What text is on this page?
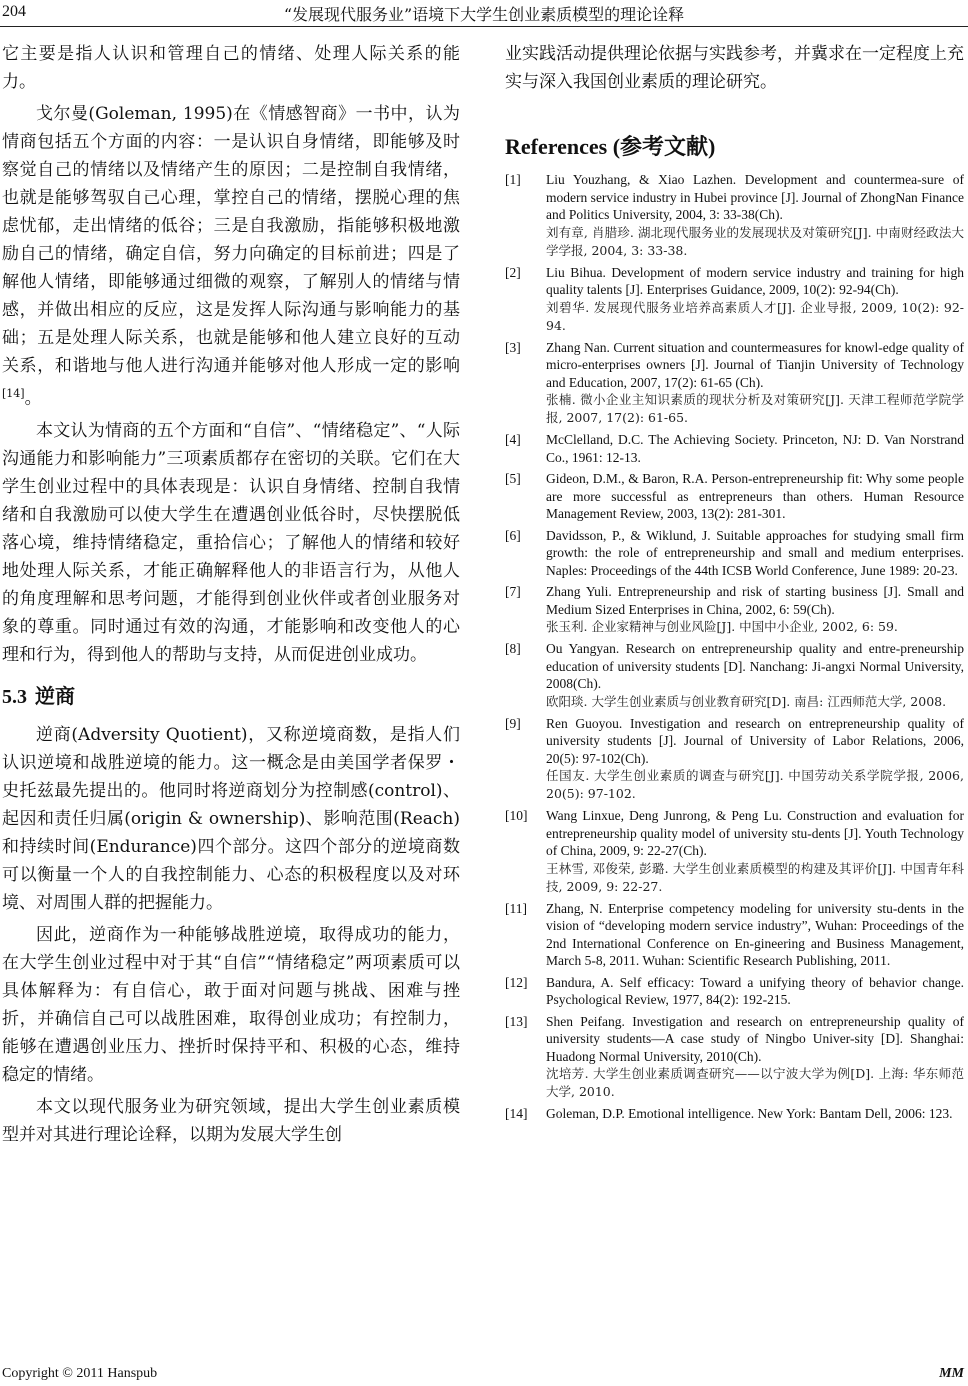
204	“发展现代服务业”语境下大学生创业素质模型的理论诠释

它主要是指人认识和管理自己的情绪、处理人际关系的能力。

戈尔曼(Goleman, 1995)在《情感智商》一书中，认为情商包括五个方面的内容：一是认识自身情绪，即能够及时察觉自己的情绪以及情绪产生的原因；二是控制自我情绪，也就是能够驾驭自己心理，掌控自己的情绪，摆脱心理的焦虑忧郁，走出情绪的低谷；三是自我激励，指能够积极地激励自己的情绪，确定自信，努力向确定的目标前进；四是了解他人情绪，即能够通过细微的观察，了解别人的情绪与情感，并做出相应的反应，这是发挥人际沟通与影响能力的基础；五是处理人际关系，也就是能够和他人建立良好的互动关系，和谐地与他人进行沟通并能够对他人形成一定的影响[14]。

本文认为情商的五个方面和“自信”、“情绪稳定”、“人际沟通能力和影响能力”三项素质都存在密切的关联。它们在大学生创业过程中的具体表现是：认识自身情绪、控制自我情绪和自我激励可以使大学生在遭遇创业低谷时，尽快摆脱低落心境，维持情绪稳定，重拾信心；了解他人的情绪和较好地处理人际关系，才能正确解释他人的非语言行为，从他人的角度理解和思考问题，才能得到创业伙伴或者创业服务对象的尊重。同时通过有效的沟通，才能影响和改变他人的心理和行为，得到他人的帮助与支持，从而促进创业成功。

5.3 逆商

逆商(Adversity Quotient)，又称逆境商数，是指人们认识逆境和战胜逆境的能力。这一概念是由美国学者保罗・史托兹最先提出的。他同时将逆商划分为控制感(control)、起因和责任归属(origin & ownership)、影响范围(Reach)和持续时间(Endurance)四个部分。这四个部分的逆境商数可以衡量一个人的自我控制能力、心态的积极程度以及对环境、对周围人群的把握能力。

因此，逆商作为一种能够战胜逆境，取得成功的能力，在大学生创业过程中对于其“自信”“情绪稳定”两项素质可以具体解释为：有自信心，敢于面对问题与挑战、困难与挫折，并确信自己可以战胜困难，取得创业成功；有控制力，能够在遭遇创业压力、挫折时保持平和、积极的心态，维持稳定的情绪。

本文以现代服务业为研究领域，提出大学生创业素质模型并对其进行理论诠释，以期为发展大学生创

业实践活动提供理论依据与实践参考，并冀求在一定程度上充实与深入我国创业素质的理论研究。

References (参考文献)
[1] Liu Youzhang, & Xiao Lazhen. Development and countermea-sure of modern service industry in Hubei province [J]. Journal of ZhongNan Finance and Politics University, 2004, 3: 33-38(Ch).

刘有章, 肖腊珍. 湖北现代服务业的发展现状及对策研究[J]. 中南财经政法大学学报, 2004, 3: 33-38.

[2] Liu Bihua. Development of modern service industry and training for high quality talents [J]. Enterprises Guidance, 2009, 10(2): 92-94(Ch).

刘碧华. 发展现代服务业培养高素质人才[J]. 企业导报, 2009, 10(2): 92-94.

[3] Zhang Nan. Current situation and countermeasures for knowl-edge quality of micro-enterprises owners [J]. Journal of Tianjin University of Technology and Education, 2007, 17(2): 61-65 (Ch).

张楠. 微小企业主知识素质的现状分析及对策研究[J]. 天津工程师范学院学报, 2007, 17(2): 61-65.

[4] McClelland, D.C. The Achieving Society. Princeton, NJ: D. Van Norstrand Co., 1961: 12-13.

[5] Gideon, D.M., & Baron, R.A. Person-entrepreneurship fit: Why some people are more successful as entrepreneurs than others. Human Resource Management Review, 2003, 13(2): 281-301.

[6] Davidsson, P., & Wiklund, J. Suitable approaches for studying small firm growth: the role of entrepreneurship and small and medium enterprises. Naples: Proceedings of the 44th ICSB World Conference, June 1989: 20-23.

[7] Zhang Yuli. Entrepreneurship and risk of starting business [J]. Small and Medium Sized Enterprises in China, 2002, 6: 59(Ch).

张玉利. 企业家精神与创业风险[J]. 中国中小企业, 2002, 6: 59.

[8] Ou Yangyan. Research on entrepreneurship quality and entre-preneurship education of university students [D]. Nanchang: Ji-angxi Normal University, 2008(Ch).

欧阳琰. 大学生创业素质与创业教育研究[D]. 南昌: 江西师范大学, 2008.

[9] Ren Guoyou. Investigation and research on entrepreneurship quality of university students [J]. Journal of University of Labor Relations, 2006, 20(5): 97-102(Ch).

任国友. 大学生创业素质的调查与研究[J]. 中国劳动关系学院学报, 2006, 20(5): 97-102.

[10] Wang Linxue, Deng Junrong, & Peng Lu. Construction and evaluation for entrepreneurship quality model of university stu-dents [J]. Youth Technology of China, 2009, 9: 22-27(Ch).

王林雪, 邓俊荣, 彭璐. 大学生创业素质模型的构建及其评价[J]. 中国青年科技, 2009, 9: 22-27.

[11] Zhang, N. Enterprise competency modeling for university stu-dents in the vision of “developing modern service industry”, Wuhan: Proceedings of the 2nd International Conference on En-gineering and Business Management, March 5-8, 2011. Wuhan: Scientific Research Publishing, 2011.

[12] Bandura, A. Self efficacy: Toward a unifying theory of behavior change. Psychological Review, 1977, 84(2): 192-215.

[13] Shen Peifang. Investigation and research on entrepreneurship quality of university students—A case study of Ningbo Univer-sity [D]. Shanghai: Huadong Normal University, 2010(Ch).

沈培芳. 大学生创业素质调查研究——以宁波大学为例[D]. 上海: 华东师范大学, 2010.

[14] Goleman, D.P. Emotional intelligence. New York: Bantam Dell, 2006: 123.

Copyright © 2011 Hanspub	MM
